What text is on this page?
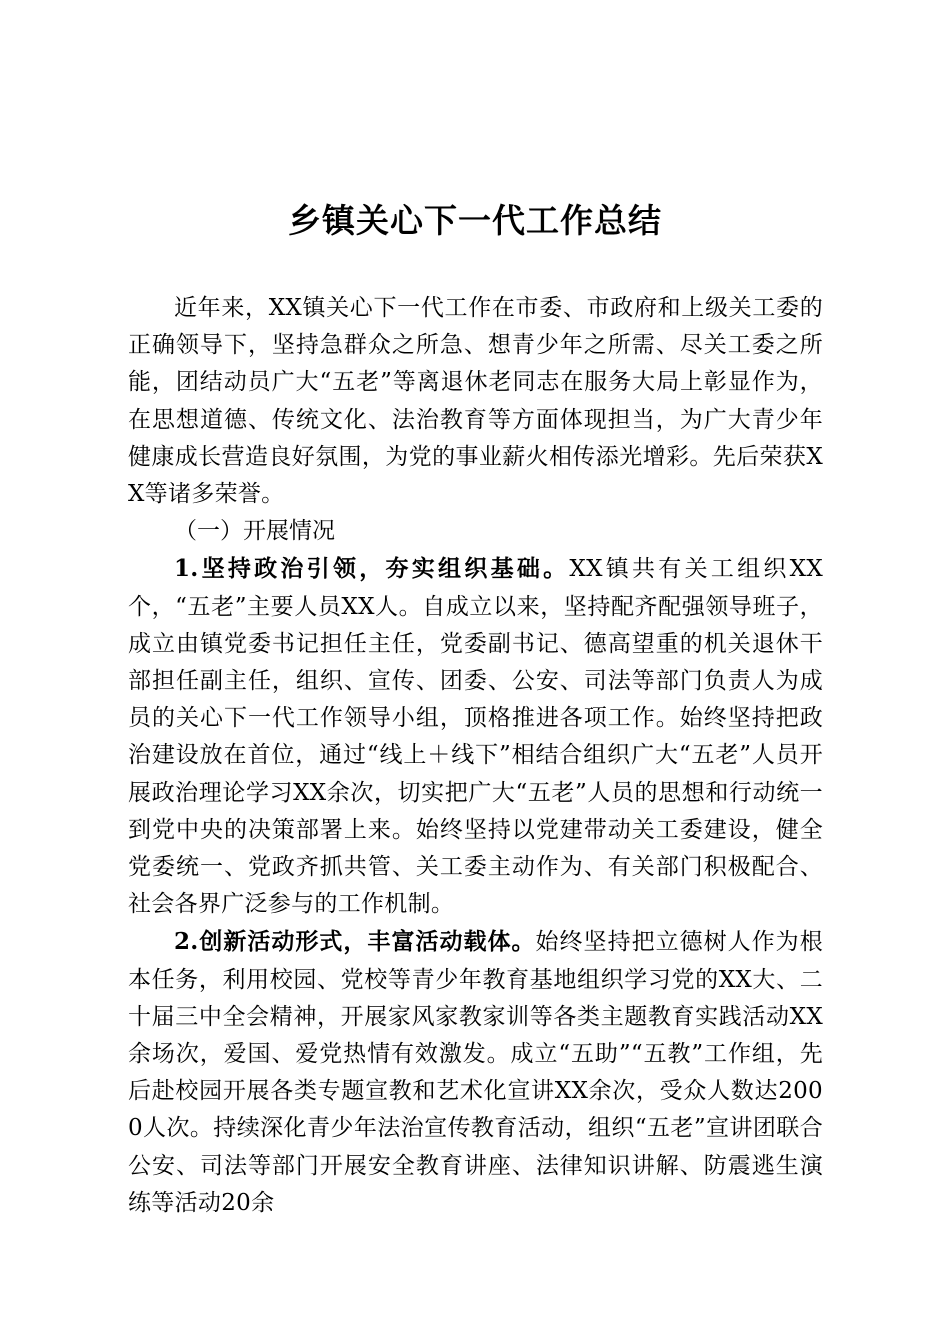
乡镇关心下一代工作总结

近年来，XX镇关心下一代工作在市委、市政府和上级关工委的正确领导下，坚持急群众之所急、想青少年之所需、尽关工委之所能，团结动员广大“五老”等离退休老同志在服务大局上彰显作为，在思想道德、传统文化、法治教育等方面体现担当，为广大青少年健康成长营造良好氛围，为党的事业薪火相传添光增彩。先后荣获XX等诸多荣誉。

（一）开展情况

1.坚持政治引领，夯实组织基础。XX镇共有关工组织XX个，“五老”主要人员XX人。自成立以来，坚持配齐配强领导班子，成立由镇党委书记担任主任，党委副书记、德高望重的机关退休干部担任副主任，组织、宣传、团委、公安、司法等部门负责人为成员的关心下一代工作领导小组，顶格推进各项工作。始终坚持把政治建设放在首位，通过“线上＋线下”相结合组织广大“五老”人员开展政治理论学习XX余次，切实把广大“五老”人员的思想和行动统一到党中央的决策部署上来。始终坚持以党建带动关工委建设，健全党委统一、党政齐抓共管、关工委主动作为、有关部门积极配合、社会各界广泛参与的工作机制。

2.创新活动形式，丰富活动载体。始终坚持把立德树人作为根本任务，利用校园、党校等青少年教育基地组织学习党的XX大、二十届三中全会精神，开展家风家教家训等各类主题教育实践活动XX余场次，爱国、爱党热情有效激发。成立“五助”“五教”工作组，先后赴校园开展各类专题宣教和艺术化宣讲XX余次，受众人数达2000人次。持续深化青少年法治宣传教育活动，组织“五老”宣讲团联合公安、司法等部门开展安全教育讲座、法律知识讲解、防震逃生演练等活动20余
